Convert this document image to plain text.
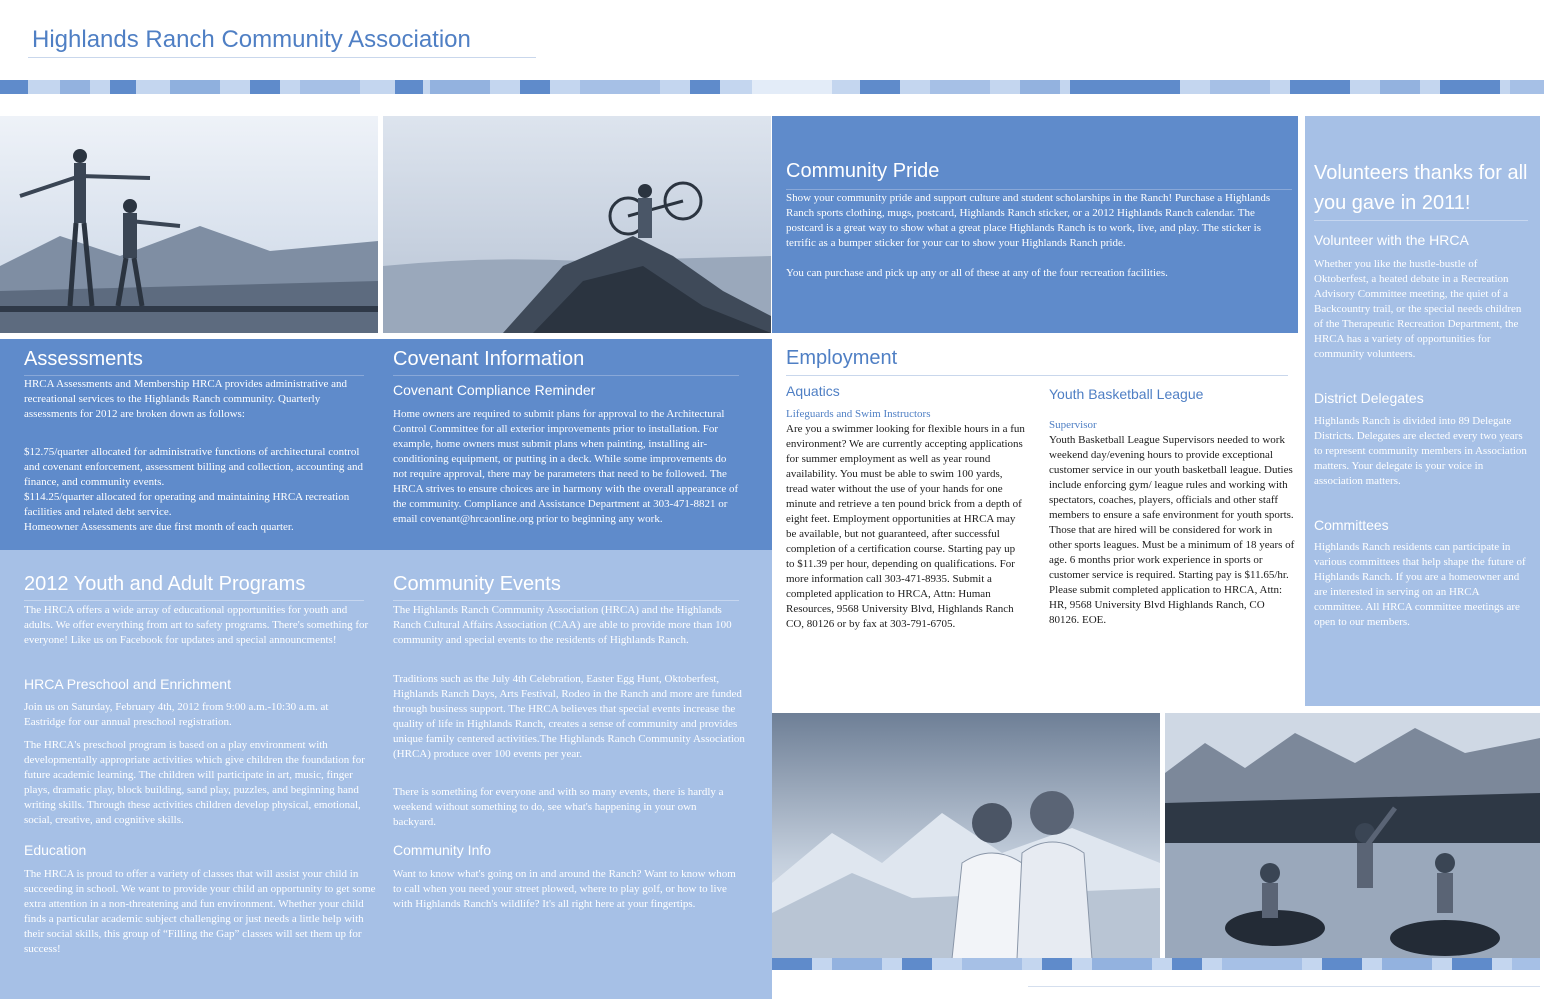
Highlands Ranch Community Association
Community Pride
Show your community pride and support culture and student scholarships in the Ranch! Purchase a Highlands Ranch sports clothing, mugs, postcard, Highlands Ranch sticker, or a 2012 Highlands Ranch calendar. The postcard is a great way to show what a great place Highlands Ranch is to work, live, and play. The sticker is terrific as a bumper sticker for your car to show your Highlands Ranch pride.
You can purchase and pick up any or all of these at any of the four recreation facilities.
Volunteers thanks for all you gave in 2011!
Volunteer with the HRCA
Whether you like the hustle-bustle of Oktoberfest, a heated debate in a Recreation Advisory Committee meeting, the quiet of a Backcountry trail, or the special needs children of the Therapeutic Recreation Department, the HRCA has a variety of opportunities for community volunteers.
District Delegates
Highlands Ranch is divided into 89 Delegate Districts. Delegates are elected every two years to represent community members in Association matters. Your delegate is your voice in association matters.
Committees
Highlands Ranch residents can participate in various committees that help shape the future of Highlands Ranch. If you are a homeowner and are interested in serving on an HRCA committee. All HRCA committee meetings are open to our members.
Assessments
HRCA Assessments and Membership HRCA provides administrative and recreational services to the Highlands Ranch community. Quarterly assessments for 2012 are broken down as follows:
$12.75/quarter allocated for administrative functions of architectural control and covenant enforcement, assessment billing and collection, accounting and finance, and community events.
$114.25/quarter allocated for operating and maintaining HRCA recreation facilities and related debt service.
Homeowner Assessments are due first month of each quarter.
Covenant Information
Covenant Compliance Reminder
Home owners are required to submit plans for approval to the Architectural Control Committee for all exterior improvements prior to installation. For example, home owners must submit plans when painting, installing air-conditioning equipment, or putting in a deck. While some improvements do not require approval, there may be parameters that need to be followed. The HRCA strives to ensure choices are in harmony with the overall appearance of the community. Compliance and Assistance Department at 303-471-8821 or email covenant@hrcaonline.org prior to beginning any work.
2012 Youth and Adult Programs
The HRCA offers a wide array of educational opportunities for youth and adults. We offer everything from art to safety programs. There's something for everyone! Like us on Facebook for updates and special announcments!
HRCA Preschool and Enrichment
Join us on Saturday, February 4th, 2012 from 9:00 a.m.-10:30 a.m. at Eastridge for our annual preschool registration.
The HRCA's preschool program is based on a play environment with developmentally appropriate activities which give children the foundation for future academic learning. The children will participate in art, music, finger plays, dramatic play, block building, sand play, puzzles, and beginning hand writing skills. Through these activities children develop physical, emotional, social, creative, and cognitive skills.
Education
The HRCA is proud to offer a variety of classes that will assist your child in succeeding in school. We want to provide your child an opportunity to get some extra attention in a non-threatening and fun environment. Whether your child finds a particular academic subject challenging or just needs a little help with their social skills, this group of “Filling the Gap” classes will set them up for success!
Community Events
The Highlands Ranch Community Association (HRCA) and the Highlands Ranch Cultural Affairs Association (CAA) are able to provide more than 100 community and special events to the residents of Highlands Ranch.
Traditions such as the July 4th Celebration, Easter Egg Hunt, Oktoberfest, Highlands Ranch Days, Arts Festival, Rodeo in the Ranch and more are funded through business support. The HRCA believes that special events increase the quality of life in Highlands Ranch, creates a sense of community and provides unique family centered activities.The Highlands Ranch Community Association (HRCA) produce over 100 events per year.
There is something for everyone and with so many events, there is hardly a weekend without something to do, see what's happening in your own backyard.
Community Info
Want to know what's going on in and around the Ranch? Want to know whom to call when you need your street plowed, where to play golf, or how to live with Highlands Ranch's wildlife? It's all right here at your fingertips.
Employment
Aquatics
Lifeguards and Swim Instructors
Are you a swimmer looking for flexible hours in a fun environment? We are currently accepting applications for summer employment as well as year round availability. You must be able to swim 100 yards, tread water without the use of your hands for one minute and retrieve a ten pound brick from a depth of eight feet. Employment opportunities at HRCA may be available, but not guaranteed, after successful completion of a certification course. Starting pay up to $11.39 per hour, depending on qualifications. For more information call 303-471-8935. Submit a completed application to HRCA, Attn: Human Resources, 9568 University Blvd, Highlands Ranch CO, 80126 or by fax at 303-791-6705.
Youth Basketball League
Supervisor
Youth Basketball League Supervisors needed to work weekend day/evening hours to provide exceptional customer service in our youth basketball league. Duties include enforcing gym/ league rules and working with spectators, coaches, players, officials and other staff members to ensure a safe environment for youth sports. Those that are hired will be considered for work in other sports leagues. Must be a minimum of 18 years of age. 6 months prior work experience in sports or customer service is required. Starting pay is $11.65/hr. Please submit completed application to HRCA, Attn: HR, 9568 University Blvd Highlands Ranch, CO 80126. EOE.
